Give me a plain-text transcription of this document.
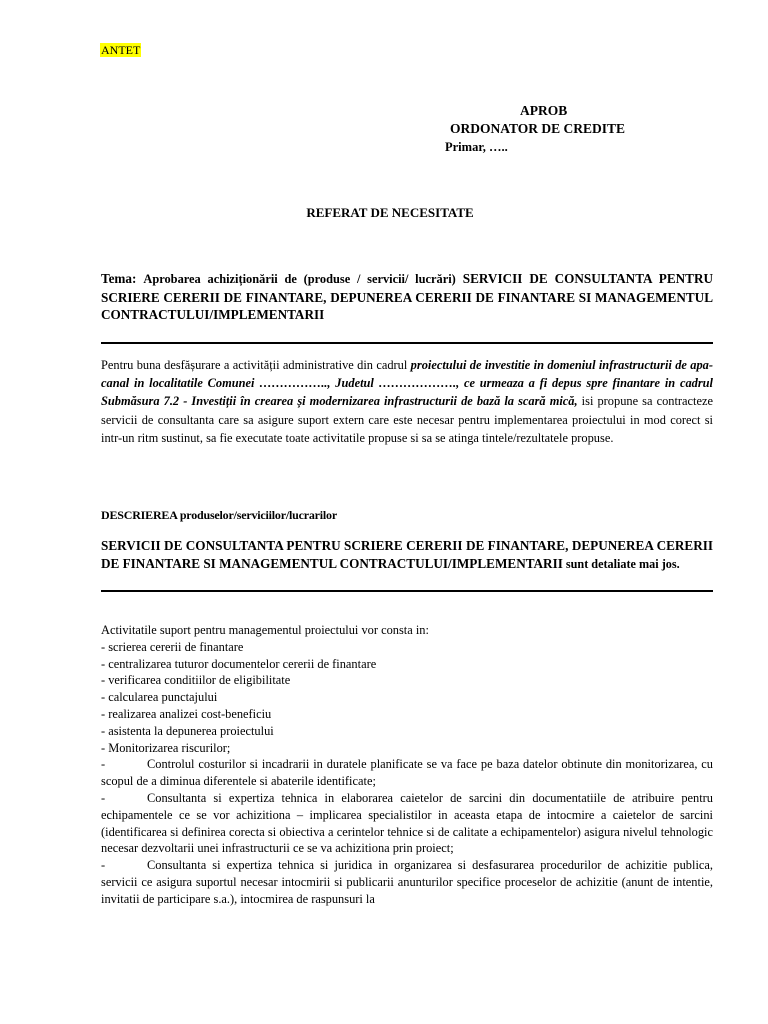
ANTET
APROB
ORDONATOR DE CREDITE
Primar, …..
REFERAT DE NECESITATE
Tema: Aprobarea achiziționării de (produse / servicii/ lucrări) SERVICII DE CONSULTANTA PENTRU SCRIERE CERERII DE FINANTARE, DEPUNEREA CERERII DE FINANTARE SI MANAGEMENTUL CONTRACTULUI/IMPLEMENTARII
Pentru buna desfășurare a activității administrative din cadrul proiectului de investitie in domeniul infrastructurii de apa-canal in localitatile Comunei …………….., Judetul ………………., ce urmeaza a fi depus spre finantare in cadrul Submăsura 7.2 - Investiții în crearea și modernizarea infrastructurii de bază la scară mică, isi propune sa contracteze servicii de consultanta care sa asigure suport extern care este necesar pentru implementarea proiectului in mod corect si intr-un ritm sustinut, sa fie executate toate activitatile propuse si sa se atinga tintele/rezultatele propuse.
DESCRIEREA produselor/serviciilor/lucrarilor
SERVICII DE CONSULTANTA PENTRU SCRIERE CERERII DE FINANTARE, DEPUNEREA CERERII DE FINANTARE SI MANAGEMENTUL CONTRACTULUI/IMPLEMENTARII sunt detaliate mai jos.
Activitatile suport pentru managementul proiectului vor consta in:
- scrierea cererii de finantare
- centralizarea tuturor documentelor cererii de finantare
- verificarea conditiilor de eligibilitate
- calcularea punctajului
- realizarea analizei cost-beneficiu
- asistenta la depunerea proiectului
- Monitorizarea riscurilor;
-	Controlul costurilor si incadrarii in duratele planificate se va face pe baza datelor obtinute din monitorizarea, cu scopul de a diminua diferentele si abaterile identificate;
-	Consultanta si expertiza tehnica in elaborarea caietelor de sarcini din documentatiile de atribuire pentru echipamentele ce se vor achizitiona – implicarea specialistilor in aceasta etapa de intocmire a caietelor de sarcini (identificarea si definirea corecta si obiectiva a cerintelor tehnice si de calitate a echipamentelor) asigura nivelul tehnologic necesar dezvoltarii unei infrastructurii ce se va achizitiona prin proiect;
-	Consultanta si expertiza tehnica si juridica in organizarea si desfasurarea procedurilor de achizitie publica, servicii ce asigura suportul necesar intocmirii si publicarii anunturilor specifice proceselor de achizitie (anunt de intentie, invitatii de participare s.a.), intocmirea de raspunsuri la
